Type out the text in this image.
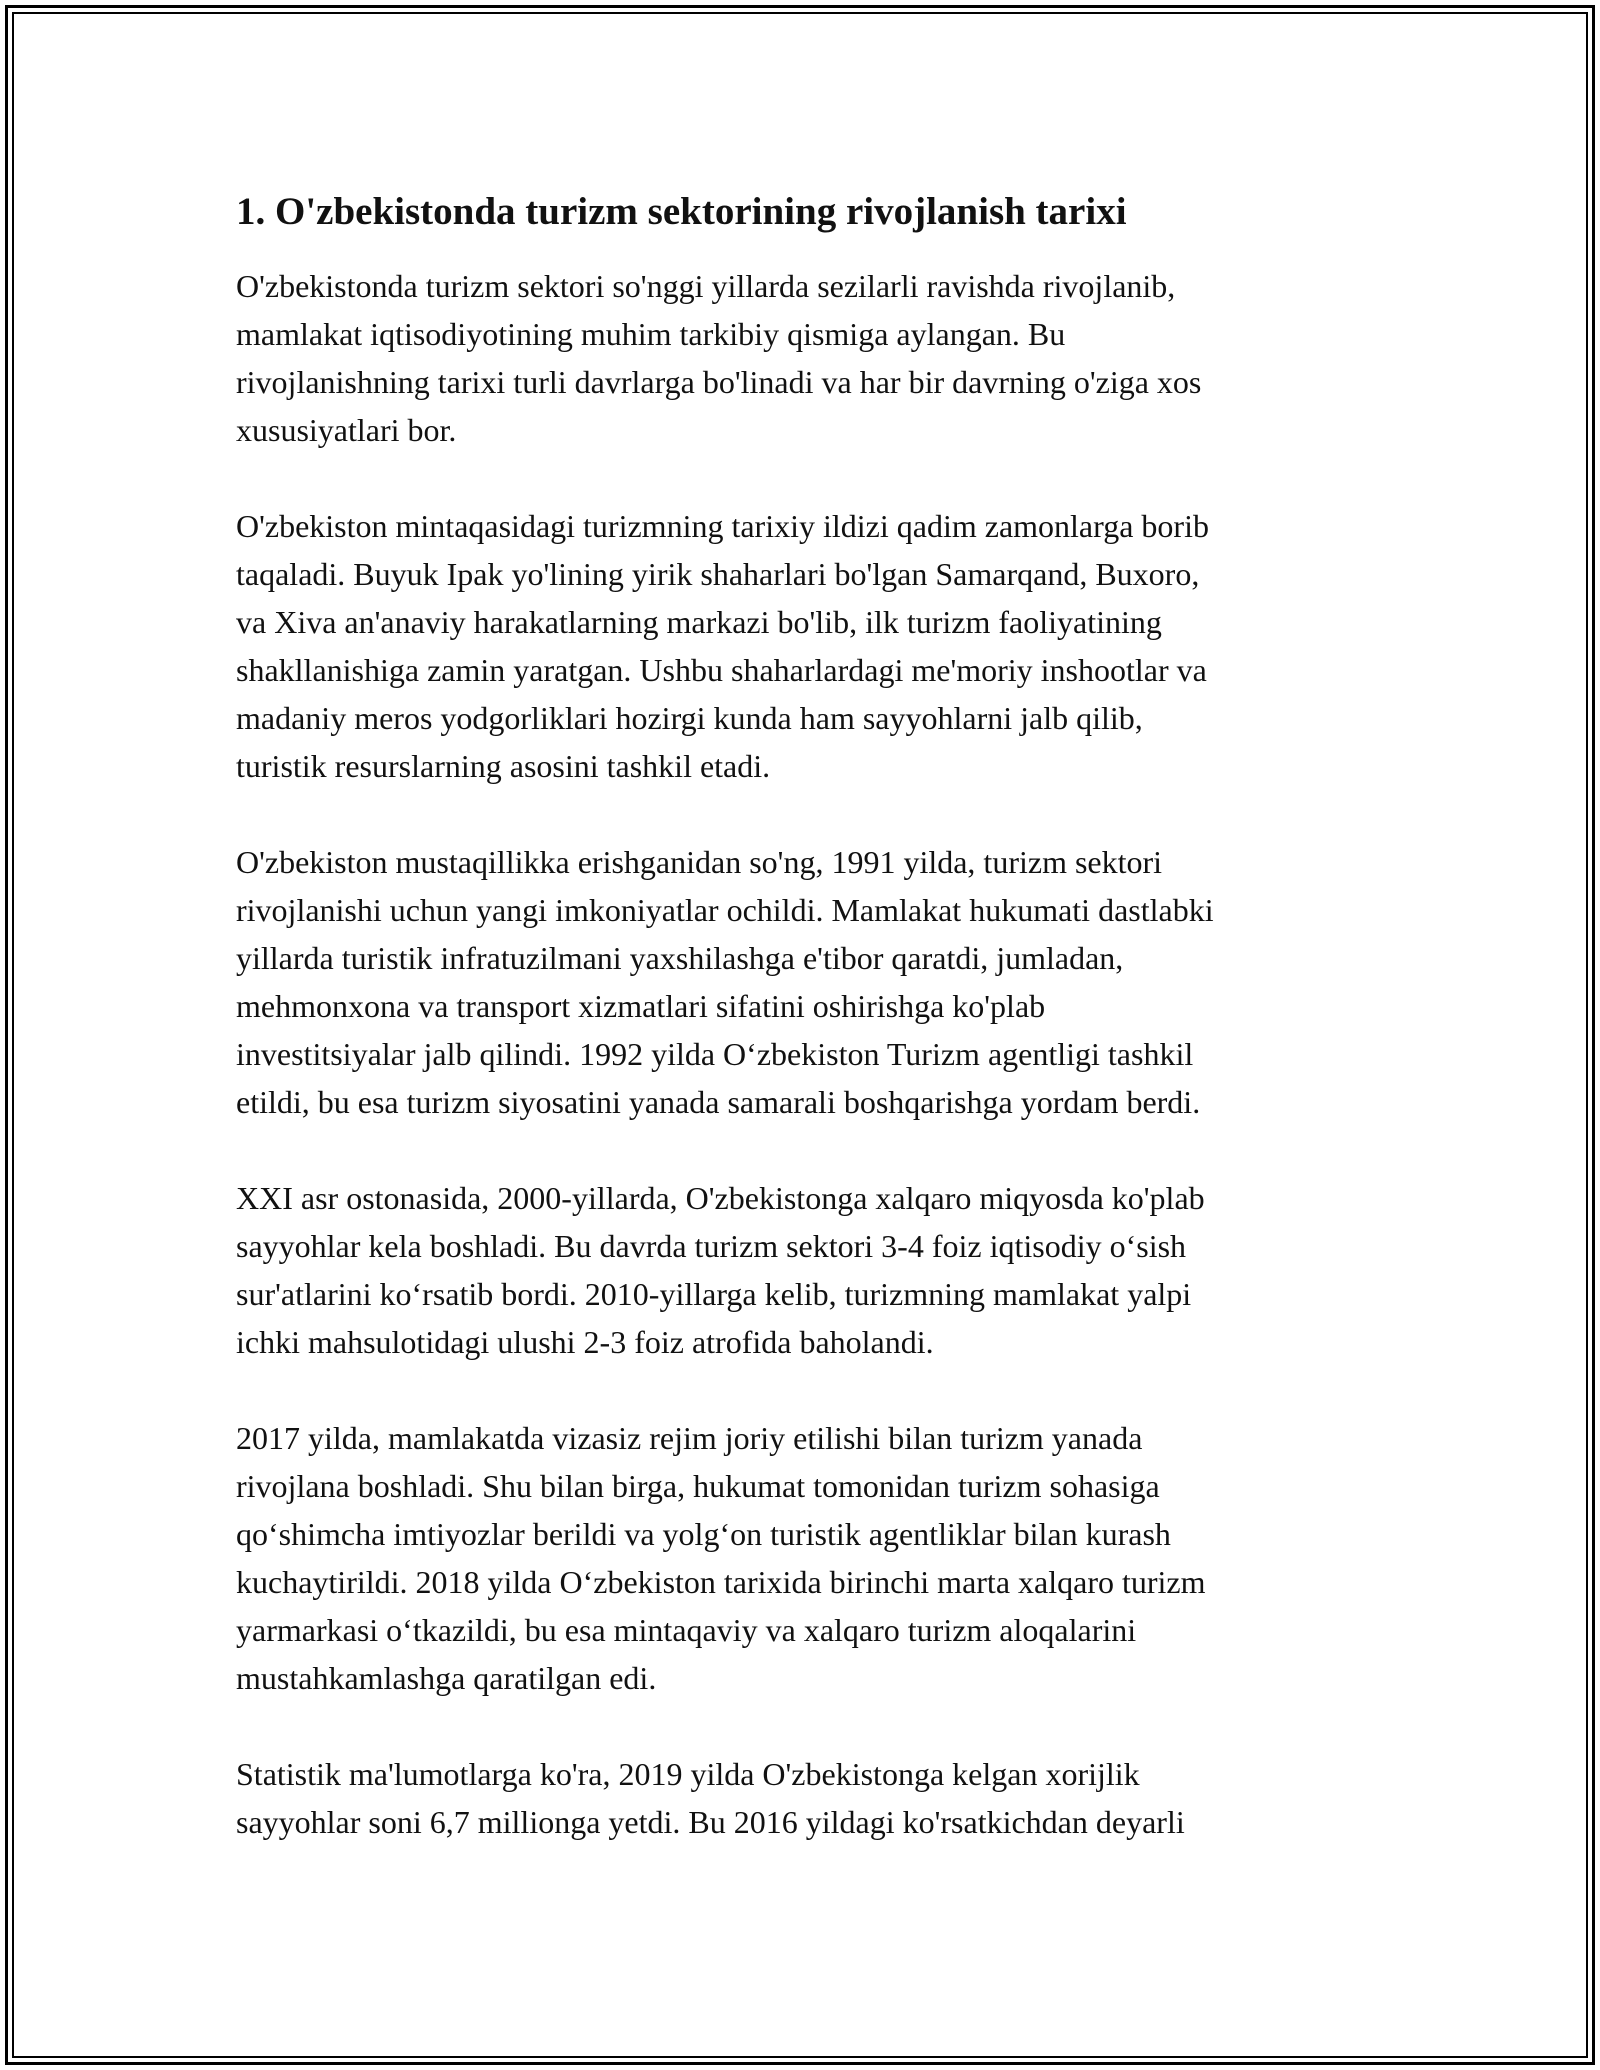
1. O'zbekistonda turizm sektorining rivojlanish tarixi

O'zbekistonda turizm sektori so'nggi yillarda sezilarli ravishda rivojlanib,
mamlakat iqtisodiyotining muhim tarkibiy qismiga aylangan. Bu
rivojlanishning tarixi turli davrlarga bo'linadi va har bir davrning o'ziga xos
xususiyatlari bor.

O'zbekiston mintaqasidagi turizmning tarixiy ildizi qadim zamonlarga borib
taqaladi. Buyuk Ipak yo'lining yirik shaharlari bo'lgan Samarqand, Buxoro,
va Xiva an'anaviy harakatlarning markazi bo'lib, ilk turizm faoliyatining
shakllanishiga zamin yaratgan. Ushbu shaharlardagi me'moriy inshootlar va
madaniy meros yodgorliklari hozirgi kunda ham sayyohlarni jalb qilib,
turistik resurslarning asosini tashkil etadi.

O'zbekiston mustaqillikka erishganidan so'ng, 1991 yilda, turizm sektori
rivojlanishi uchun yangi imkoniyatlar ochildi. Mamlakat hukumati dastlabki
yillarda turistik infratuzilmani yaxshilashga e'tibor qaratdi, jumladan,
mehmonxona va transport xizmatlari sifatini oshirishga ko'plab
investitsiyalar jalb qilindi. 1992 yilda O‘zbekiston Turizm agentligi tashkil
etildi, bu esa turizm siyosatini yanada samarali boshqarishga yordam berdi.

XXI asr ostonasida, 2000-yillarda, O'zbekistonga xalqaro miqyosda ko'plab
sayyohlar kela boshladi. Bu davrda turizm sektori 3-4 foiz iqtisodiy o‘sish
sur'atlarini ko‘rsatib bordi. 2010-yillarga kelib, turizmning mamlakat yalpi
ichki mahsulotidagi ulushi 2-3 foiz atrofida baholandi.

2017 yilda, mamlakatda vizasiz rejim joriy etilishi bilan turizm yanada
rivojlana boshladi. Shu bilan birga, hukumat tomonidan turizm sohasiga
qo‘shimcha imtiyozlar berildi va yolg‘on turistik agentliklar bilan kurash
kuchaytirildi. 2018 yilda O‘zbekiston tarixida birinchi marta xalqaro turizm
yarmarkasi o‘tkazildi, bu esa mintaqaviy va xalqaro turizm aloqalarini
mustahkamlashga qaratilgan edi.

Statistik ma'lumotlarga ko'ra, 2019 yilda O'zbekistonga kelgan xorijlik
sayyohlar soni 6,7 millionga yetdi. Bu 2016 yildagi ko'rsatkichdan deyarli
